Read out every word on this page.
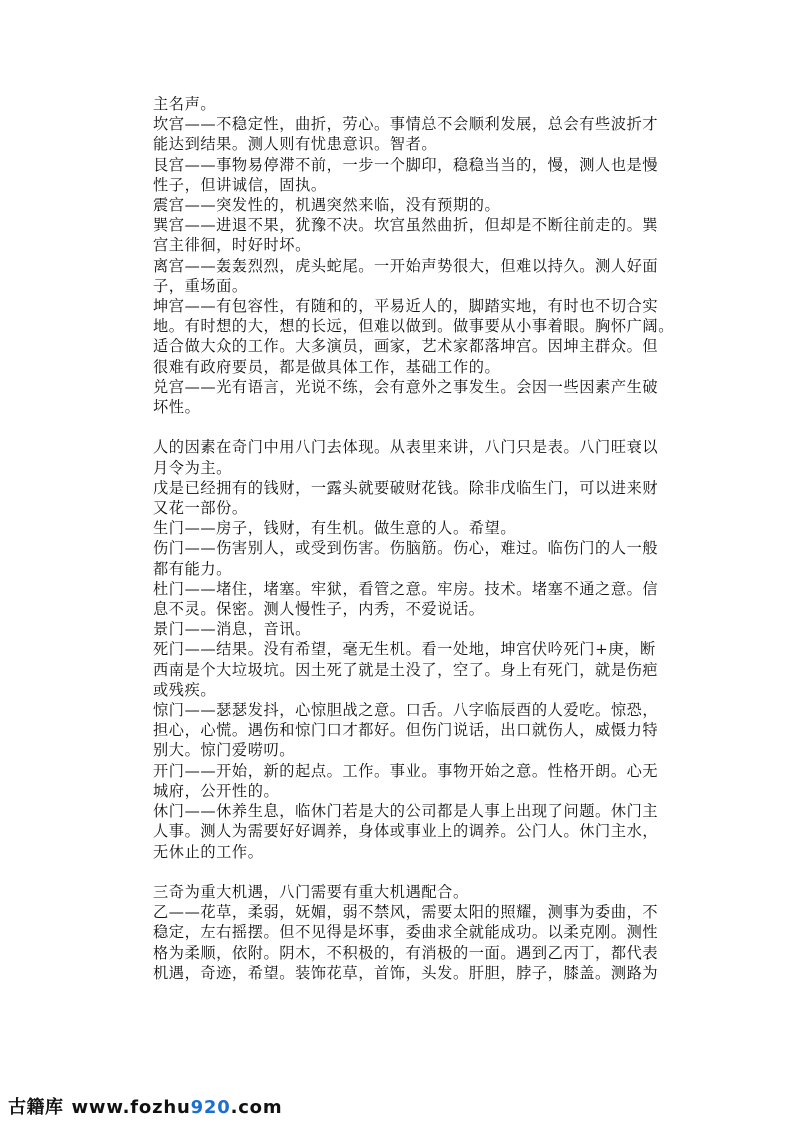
主名声。

坎宫——不稳定性，曲折，劳心。事情总不会顺利发展，总会有些波折才
能达到结果。测人则有忧患意识。智者。

艮宫——事物易停滞不前，一步一个脚印，稳稳当当的，慢，测人也是慢
性子，但讲诚信，固执。

震宫——突发性的，机遇突然来临，没有预期的。

巽宫——进退不果，犹豫不决。坎宫虽然曲折，但却是不断往前走的。巽
宫主徘徊，时好时坏。

离宫——轰轰烈烈，虎头蛇尾。一开始声势很大，但难以持久。测人好面
子，重场面。

坤宫——有包容性，有随和的，平易近人的，脚踏实地，有时也不切合实
地。有时想的大，想的长远，但难以做到。做事要从小事着眼。胸怀广阔。
适合做大众的工作。大多演员，画家，艺术家都落坤宫。因坤主群众。但
很难有政府要员，都是做具体工作，基础工作的。

兑宫——光有语言，光说不练，会有意外之事发生。会因一些因素产生破
坏性。

人的因素在奇门中用八门去体现。从表里来讲，八门只是表。八门旺衰以
月令为主。

戊是已经拥有的钱财，一露头就要破财花钱。除非戊临生门，可以进来财
又花一部份。

生门——房子，钱财，有生机。做生意的人。希望。

伤门——伤害别人，或受到伤害。伤脑筋。伤心，难过。临伤门的人一般
都有能力。

杜门——堵住，堵塞。牢狱，看管之意。牢房。技术。堵塞不通之意。信
息不灵。保密。测人慢性子，内秀，不爱说话。

景门——消息，音讯。

死门——结果。没有希望，毫无生机。看一处地，坤宫伏吟死门+庚，断
西南是个大垃圾坑。因土死了就是土没了，空了。身上有死门，就是伤疤
或残疾。

惊门——瑟瑟发抖，心惊胆战之意。口舌。八字临辰酉的人爱吃。惊恐，
担心，心慌。遇伤和惊门口才都好。但伤门说话，出口就伤人，威慑力特
别大。惊门爱唠叨。

开门——开始，新的起点。工作。事业。事物开始之意。性格开朗。心无
城府，公开性的。

休门——休养生息，临休门若是大的公司都是人事上出现了问题。休门主
人事。测人为需要好好调养，身体或事业上的调养。公门人。休门主水，
无休止的工作。

三奇为重大机遇，八门需要有重大机遇配合。

乙——花草，柔弱，妩媚，弱不禁风，需要太阳的照耀，测事为委曲，不
稳定，左右摇摆。但不见得是坏事，委曲求全就能成功。以柔克刚。测性
格为柔顺，依附。阴木，不积极的，有消极的一面。遇到乙丙丁，都代表
机遇，奇迹，希望。装饰花草，首饰，头发。肝胆，脖子，膝盖。测路为

古籍库 www.fozhu920.com
